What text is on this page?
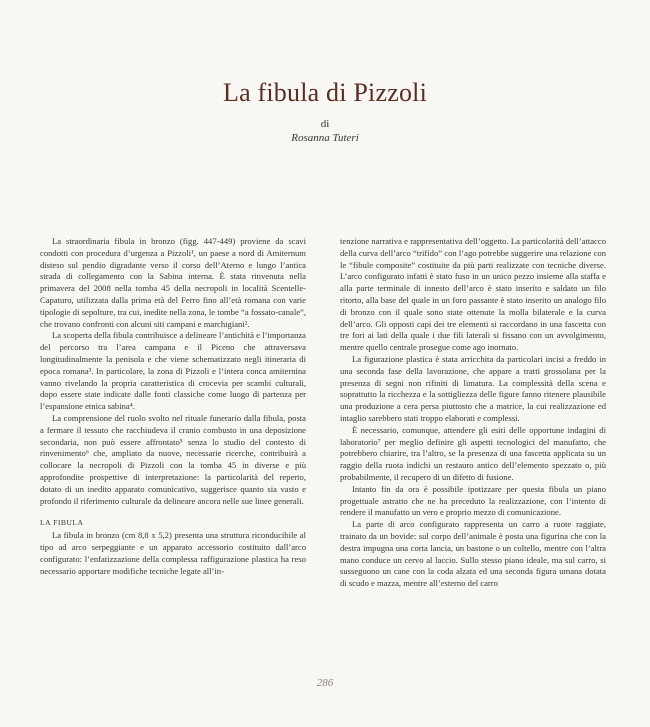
La fibula di Pizzoli
di
Rosanna Tuteri

La straordinaria fibula in bronzo (figg. 447-449) proviene da scavi condotti con procedura d’urgenza a Pizzoli¹, un paese a nord di Amiternum disteso sul pendio digradante verso il corso dell’Aterno e lungo l’antica strada di collegamento con la Sabina interna. È stata rinvenuta nella primavera del 2008 nella tomba 45 della necropoli in località Scentelle-Capaturo, utilizzata dalla prima età del Ferro fino all’età romana con varie tipologie di sepolture, tra cui, inedite nella zona, le tombe “a fossato-canale”, che trovano confronti con alcuni siti campani e marchigiani².

La scoperta della fibula contribuisce a delineare l’antichità e l’importanza del percorso tra l’area campana e il Piceno che attraversava longitudinalmente la penisola e che viene schematizzato negli itineraria di epoca romana³. In particolare, la zona di Pizzoli e l’intera conca amiternina vanno rivelando la propria caratteristica di crocevia per scambi culturali, dopo essere state indicate dalle fonti classiche come luogo di partenza per l’espansione etnica sabina⁴.

La comprensione del ruolo svolto nel rituale funerario dalla fibula, posta a fermare il tessuto che racchiudeva il cranio combusto in una deposizione secondaria, non può essere affrontato⁵ senza lo studio del contesto di rinvenimento⁶ che, ampliato da nuove, necessarie ricerche, contribuirà a collocare la necropoli di Pizzoli con la tomba 45 in diverse e più approfondite prospettive di interpretazione: la particolarità del reperto, dotato di un inedito apparato comunicativo, suggerisce quanto sia vasto e profondo il riferimento culturale da delineare ancora nelle sue linee generali.

LA FIBULA

La fibula in bronzo (cm 8,8 x 5,2) presenta una struttura riconducibile al tipo ad arco serpeggiante e un apparato accessorio costituito dall’arco configurato: l’enfatizzazione della complessa raffigurazione plastica ha reso necessario apportare modifiche tecniche legate all’in-

tenzione narrativa e rappresentativa dell’oggetto. La particolarità dell’attacco della curva dell’arco “trifido” con l’ago potrebbe suggerire una relazione con le “fibule composite” costituite da più parti realizzate con tecniche diverse. L’arco configurato infatti è stato fuso in un unico pezzo insieme alla staffa e alla parte terminale di innesto dell’arco è stato inserito e saldato un filo ritorto, alla base del quale in un foro passante è stato inserito un analogo filo di bronzo con il quale sono state ottenute la molla bilaterale e la curva dell’arco. Gli opposti capi dei tre elementi si raccordano in una fascetta con tre fori ai lati della quale i due fili laterali si fissano con un avvolgimento, mentre quello centrale prosegue come ago inornato.

La figurazione plastica è stata arricchita da particolari incisi a freddo in una seconda fase della lavorazione, che appare a tratti grossolana per la presenza di segni non rifiniti di limatura. La complessità della scena e soprattutto la ricchezza e la sottigliezza delle figure fanno ritenere plausibile una produzione a cera persa piuttosto che a matrice, la cui realizzazione ed intaglio sarebbero stati troppo elaborati e complessi.

È necessario, comunque, attendere gli esiti delle opportune indagini di laboratorio⁷ per meglio definire gli aspetti tecnologici del manufatto, che potrebbero chiarire, tra l’altro, se la presenza di una fascetta applicata su un raggio della ruota indichi un restauro antico dell’elemento spezzato o, più probabilmente, il recupero di un difetto di fusione.

Intanto fin da ora è possibile ipotizzare per questa fibula un piano progettuale astratto che ne ha preceduto la realizzazione, con l’intento di rendere il manufatto un vero e proprio mezzo di comunicazione.

La parte di arco configurato rappresenta un carro a ruote raggiate, trainato da un bovide: sul corpo dell’animale è posta una figurina che con la destra impugna una corta lancia, un bastone o un coltello, mentre con l’altra mano conduce un cervo al laccio. Sullo stesso piano ideale, ma sul carro, si susseguono un cane con la coda alzata ed una seconda figura umana dotata di scudo e mazza, mentre all’esterno del carro

286
